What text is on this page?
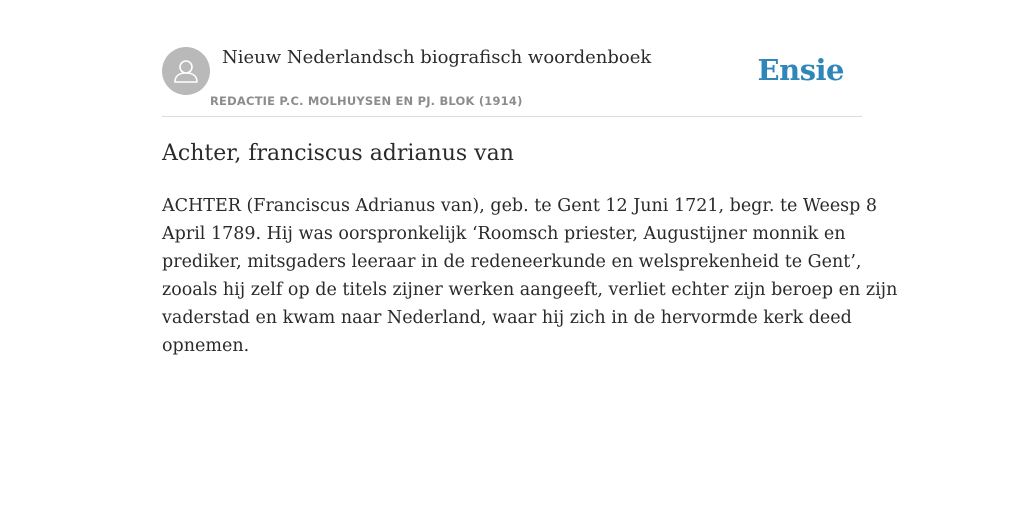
Nieuw Nederlandsch biografisch woordenboek
REDACTIE P.C. MOLHUYSEN EN PJ. BLOK (1914)
Ensie
Achter, franciscus adrianus van

ACHTER (Franciscus Adrianus van), geb. te Gent 12 Juni 1721, begr. te Weesp 8
April 1789. Hij was oorspronkelijk ‘Roomsch priester, Augustijner monnik en
prediker, mitsgaders leeraar in de redeneerkunde en welsprekenheid te Gent’,
zooals hij zelf op de titels zijner werken aangeeft, verliet echter zijn beroep en zijn
vaderstad en kwam naar Nederland, waar hij zich in de hervormde kerk deed
opnemen.
